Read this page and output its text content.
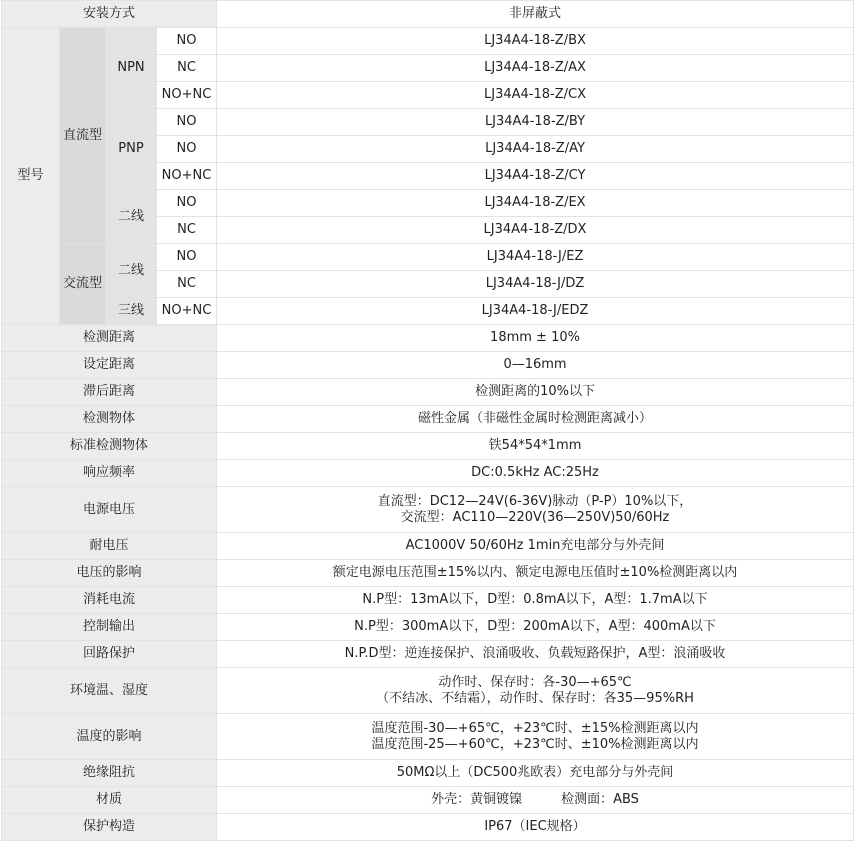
安装方式				非屏蔽式
型号	直流型	NPN	NO	LJ34A4-18-Z/BX
			NC	LJ34A4-18-Z/AX
			NO+NC	LJ34A4-18-Z/CX
		PNP	NO	LJ34A4-18-Z/BY
			NO	LJ34A4-18-Z/AY
			NO+NC	LJ34A4-18-Z/CY
		二线	NO	LJ34A4-18-Z/EX
			NC	LJ34A4-18-Z/DX
	交流型	二线	NO	LJ34A4-18-J/EZ
			NC	LJ34A4-18-J/DZ
		三线	NO+NC	LJ34A4-18-J/EDZ
检测距离				18mm ± 10%

设定距离				0—16mm

滞后距离				检测距离的10%以下

检测物体				磁性金属（非磁性金属时检测距离减小）

标准检测物体				铁54*54*1mm

响应频率				DC:0.5kHz AC:25Hz

电源电压				直流型：DC12—24V(6-36V)脉动（P-P）10%以下，
交流型：AC110—220V(36—250V)50/60Hz

耐电压				AC1000V 50/60Hz 1min充电部分与外壳间

电压的影响				额定电源电压范围±15%以内、额定电源电压值时±10%检测距离以内

消耗电流				N.P型：13mA以下，D型：0.8mA以下，A型：1.7mA以下

控制输出				N.P型：300mA以下，D型：200mA以下，A型：400mA以下

回路保护				N.P.D型：逆连接保护、浪涌吸收、负载短路保护，A型：浪涌吸收

环境温、湿度				动作时、保存时：各-30—+65℃
（不结冰、不结霜），动作时、保存时：各35—95%RH

温度的影响				温度范围-30—+65℃，+23℃时、±15%检测距离以内
温度范围-25—+60℃，+23℃时、±10%检测距离以内

绝缘阻抗				50MΩ以上（DC500兆欧表）充电部分与外壳间

材质				外壳：黄铜镀镍　　　检测面：ABS

保护构造				IP67（IEC规格）
